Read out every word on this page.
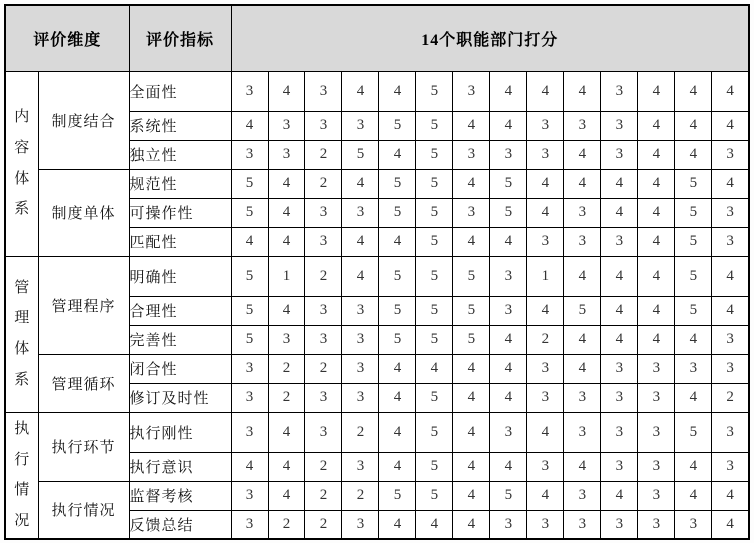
评价维度		评价指标	14个职能部门打分													

内容体系	制度结合	全面性	3	4	3	4	4	5	3	4	4	4	3	4	4	4
		系统性	4	3	3	3	5	5	4	4	3	3	3	4	4	4
		独立性	3	3	2	5	4	5	3	3	3	4	3	4	4	3
	制度单体	规范性	5	4	2	4	5	5	4	5	4	4	4	4	5	4
		可操作性	5	4	3	3	5	5	3	5	4	3	4	4	5	3
		匹配性	4	4	3	4	4	5	4	4	3	3	3	4	5	3

管理体系	管理程序	明确性	5	1	2	4	5	5	5	3	1	4	4	4	5	4
		合理性	5	4	3	3	5	5	5	3	4	5	4	4	5	4
		完善性	5	3	3	3	5	5	5	4	2	4	4	4	4	3
	管理循环	闭合性	3	2	2	3	4	4	4	4	3	4	3	3	3	3
		修订及时性	3	2	3	3	4	5	4	4	3	3	3	3	4	2

执行情况	执行环节	执行刚性	3	4	3	2	4	5	4	3	4	3	3	3	5	3
		执行意识	4	4	2	3	4	5	4	4	3	4	3	3	4	3
	执行情况	监督考核	3	4	2	2	5	5	4	5	4	3	4	3	4	4
		反馈总结	3	2	2	3	4	4	4	3	3	3	3	3	3	4
